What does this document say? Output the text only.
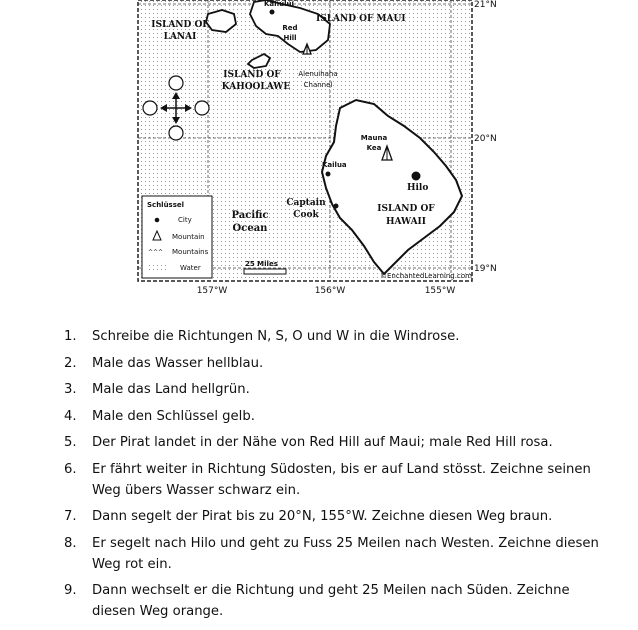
ISLAND OF
LANAI
ISLAND OF MAUI
ISLAND OF
KAHOOLAWE
ISLAND OF
HAWAII
Kahului
Red
Hill
Mauna
Kea
Kailua
Captain
Cook
Hilo
Alenuihaha
Channel
Pacific
Ocean
Schlüssel
City
Mountain
^^^ Mountains
Water	25 Miles
©EnchantedLearning.com
21°N
20°N
19°N
157°W	156°W	155°W
1.	Schreibe die Richtungen N, S, O und W in die Windrose.
2.	Male das Wasser hellblau.
3.	Male das Land hellgrün.
4.	Male den Schlüssel gelb.
5.	Der Pirat landet in der Nähe von Red Hill auf Maui; male Red Hill rosa.
6.	Er fährt weiter in Richtung Südosten, bis er auf Land stösst. Zeichne seinen Weg übers Wasser schwarz ein.
7.	Dann segelt der Pirat bis zu 20°N, 155°W. Zeichne diesen Weg braun.
8.	Er segelt nach Hilo und geht zu Fuss 25 Meilen nach Westen. Zeichne diesen Weg rot ein.
9.	Dann wechselt er die Richtung und geht 25 Meilen nach Süden. Zeichne diesen Weg orange.
